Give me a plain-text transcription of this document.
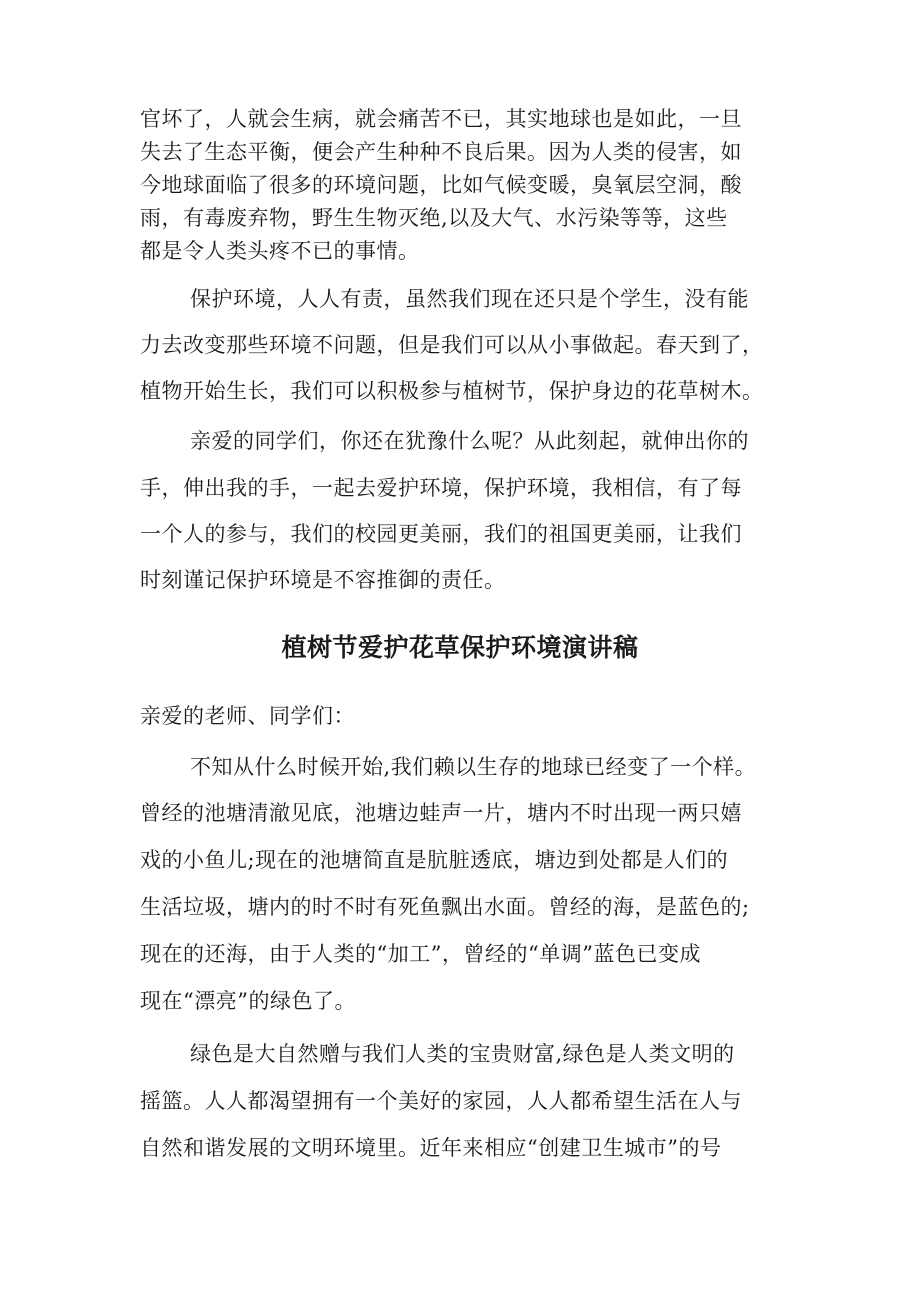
官坏了，人就会生病，就会痛苦不已，其实地球也是如此，一旦
失去了生态平衡，便会产生种种不良后果。因为人类的侵害，如
今地球面临了很多的环境问题，比如气候变暖，臭氧层空洞，酸
雨，有毒废弃物，野生生物灭绝,以及大气、水污染等等，这些
都是令人类头疼不已的事情。
保护环境，人人有责，虽然我们现在还只是个学生，没有能
力去改变那些环境不问题，但是我们可以从小事做起。春天到了，
植物开始生长，我们可以积极参与植树节，保护身边的花草树木。
亲爱的同学们，你还在犹豫什么呢？从此刻起，就伸出你的
手，伸出我的手，一起去爱护环境，保护环境，我相信，有了每
一个人的参与，我们的校园更美丽，我们的祖国更美丽，让我们
时刻谨记保护环境是不容推御的责任。
植树节爱护花草保护环境演讲稿
亲爱的老师、同学们：
不知从什么时候开始,我们赖以生存的地球已经变了一个样。
曾经的池塘清澈见底，池塘边蛙声一片，塘内不时出现一两只嬉
戏的小鱼儿;现在的池塘简直是肮脏透底，塘边到处都是人们的
生活垃圾，塘内的时不时有死鱼飘出水面。曾经的海，是蓝色的;
现在的还海，由于人类的“加工”，曾经的“单调”蓝色已变成
现在“漂亮”的绿色了。
绿色是大自然赠与我们人类的宝贵财富,绿色是人类文明的
摇篮。人人都渴望拥有一个美好的家园，人人都希望生活在人与
自然和谐发展的文明环境里。近年来相应“创建卫生城市”的号
